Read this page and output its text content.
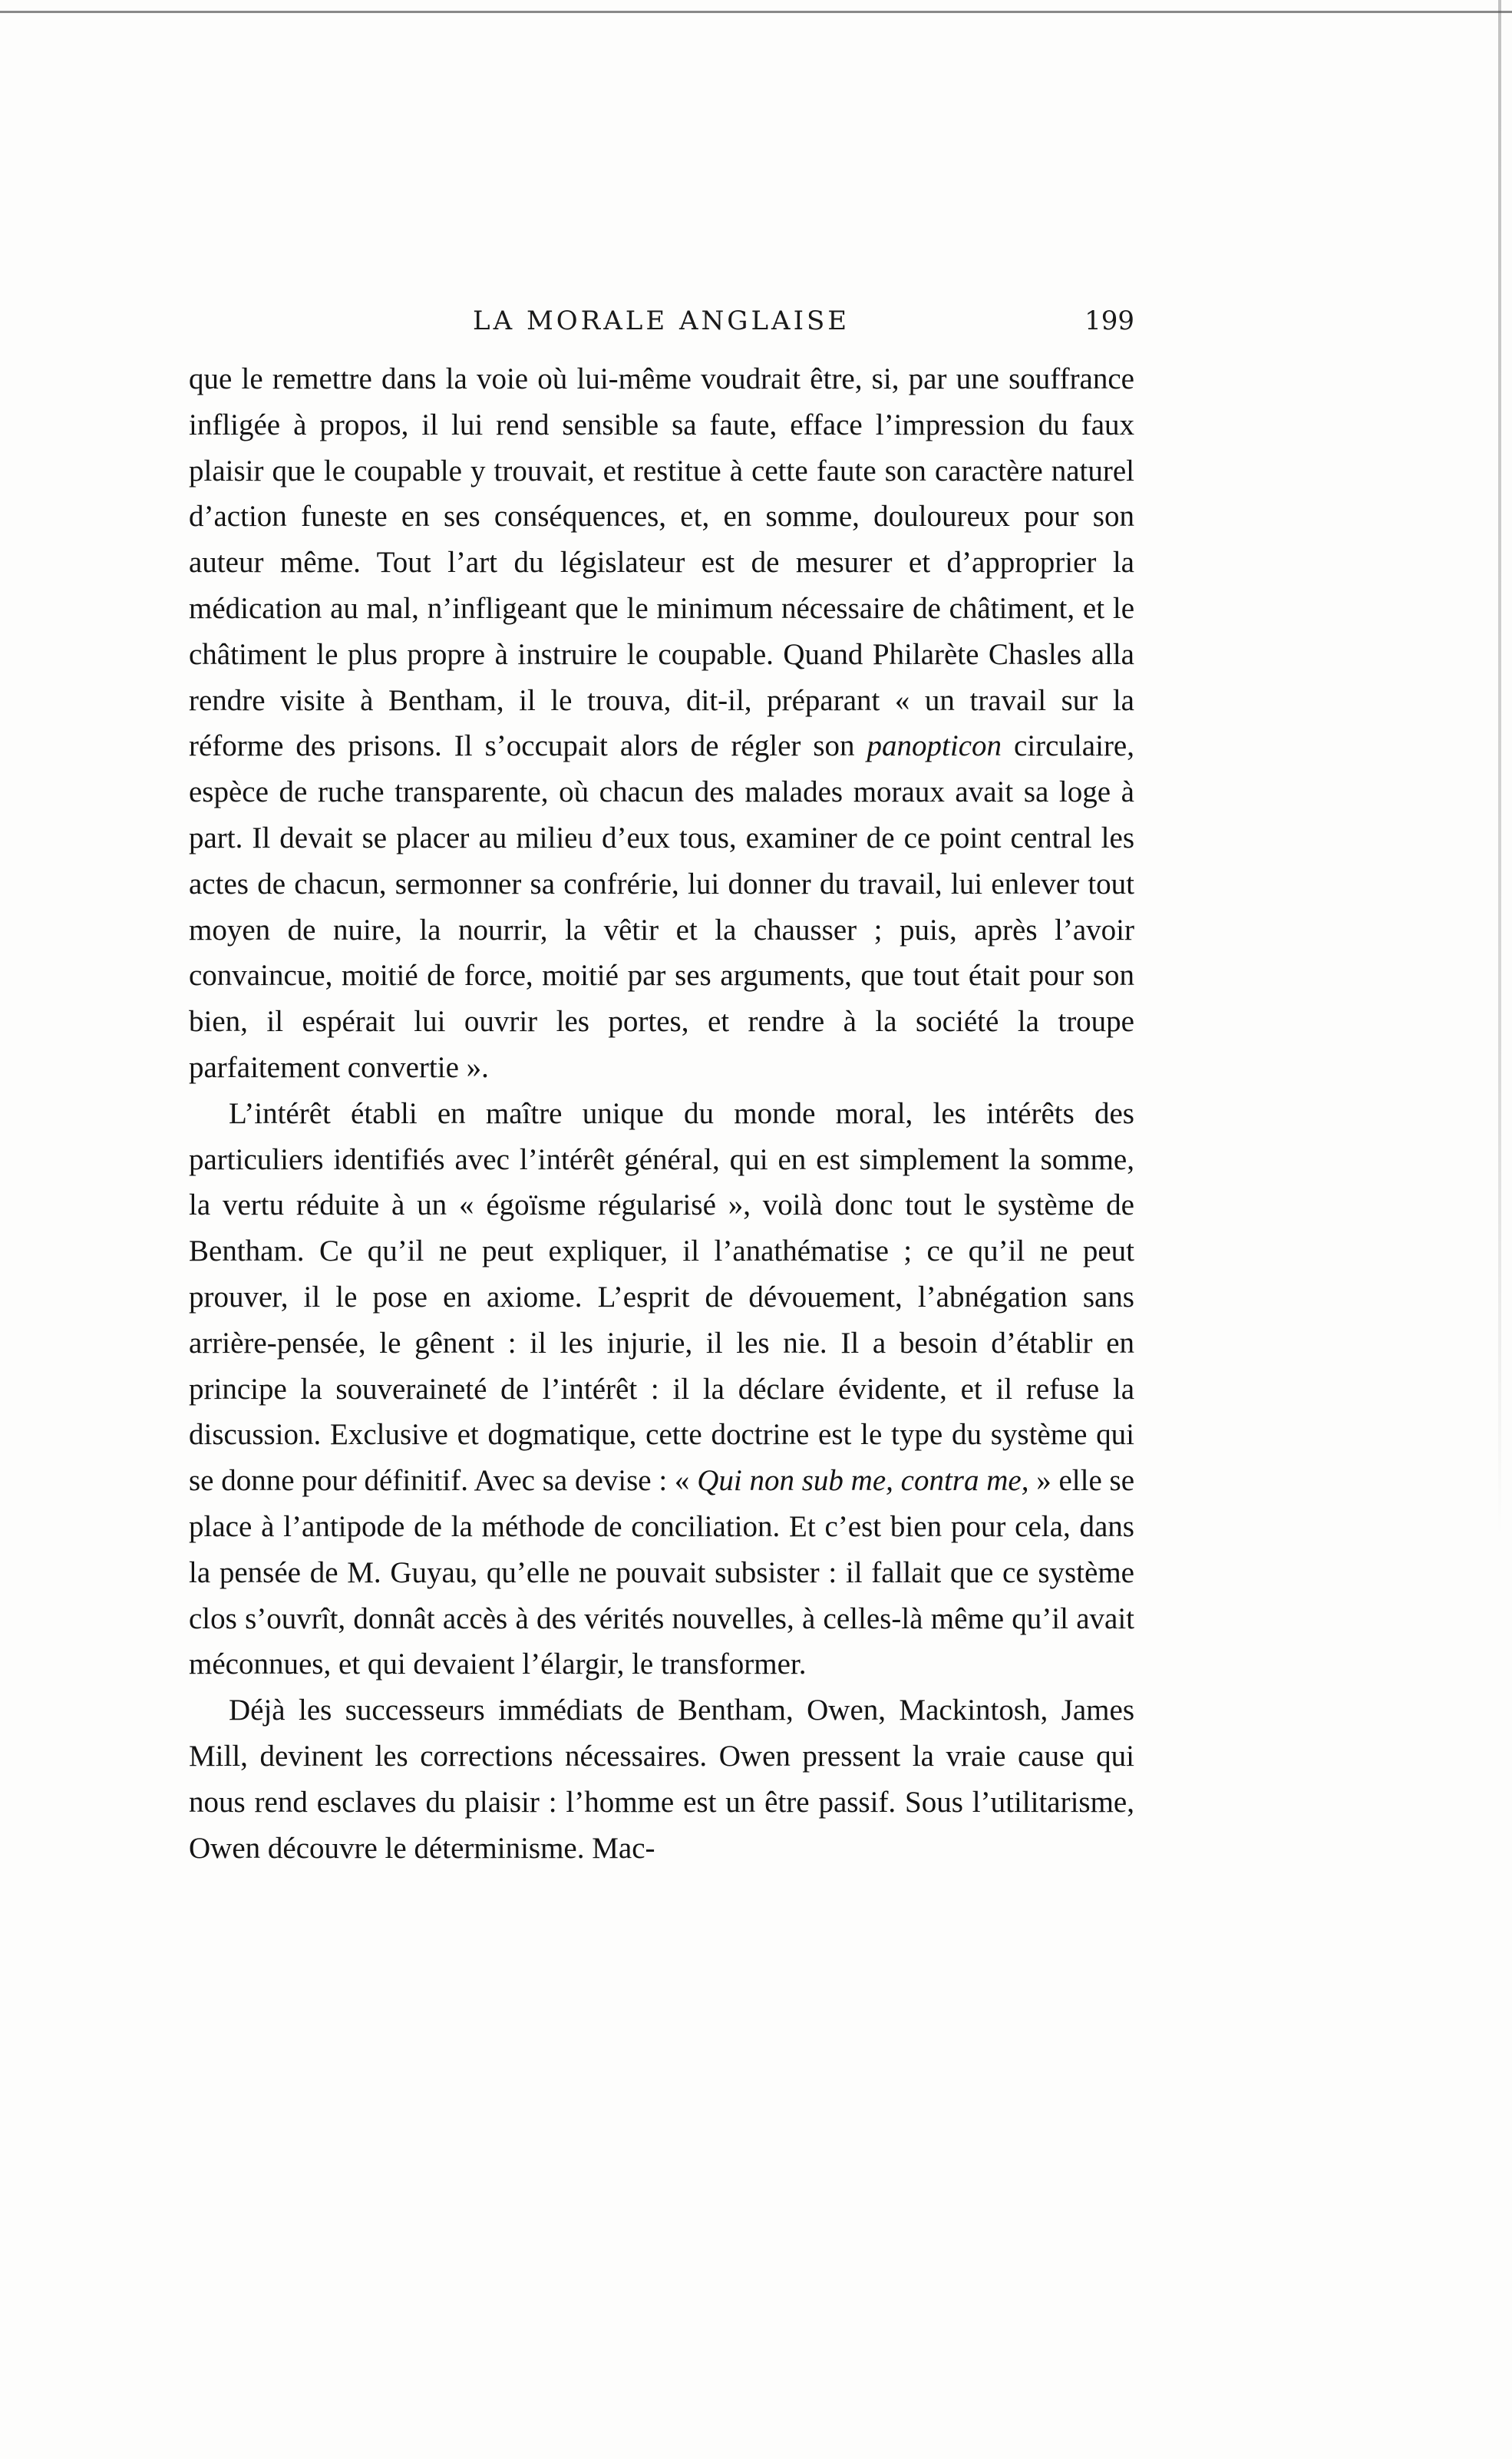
LA MORALE ANGLAISE	199

que le remettre dans la voie où lui-même voudrait être, si, par une souffrance infligée à propos, il lui rend sensible sa faute, efface l’impression du faux plaisir que le coupable y trouvait, et restitue à cette faute son caractère naturel d’action funeste en ses conséquences, et, en somme, douloureux pour son auteur même. Tout l’art du législateur est de mesurer et d’approprier la médication au mal, n’infligeant que le minimum nécessaire de châtiment, et le châtiment le plus propre à instruire le coupable. Quand Philarète Chasles alla rendre visite à Bentham, il le trouva, dit-il, préparant « un travail sur la réforme des prisons. Il s’occupait alors de régler son panopticon circulaire, espèce de ruche transparente, où chacun des malades moraux avait sa loge à part. Il devait se placer au milieu d’eux tous, examiner de ce point central les actes de chacun, sermonner sa confrérie, lui donner du travail, lui enlever tout moyen de nuire, la nourrir, la vêtir et la chausser ; puis, après l’avoir convaincue, moitié de force, moitié par ses arguments, que tout était pour son bien, il espérait lui ouvrir les portes, et rendre à la société la troupe parfaitement convertie ».

L’intérêt établi en maître unique du monde moral, les intérêts des particuliers identifiés avec l’intérêt général, qui en est simplement la somme, la vertu réduite à un « égoïsme régularisé », voilà donc tout le système de Bentham. Ce qu’il ne peut expliquer, il l’anathématise ; ce qu’il ne peut prouver, il le pose en axiome. L’esprit de dévouement, l’abnégation sans arrière-pensée, le gênent : il les injurie, il les nie. Il a besoin d’établir en principe la souveraineté de l’intérêt : il la déclare évidente, et il refuse la discussion. Exclusive et dogmatique, cette doctrine est le type du système qui se donne pour définitif. Avec sa devise : « Qui non sub me, contra me, » elle se place à l’antipode de la méthode de conciliation. Et c’est bien pour cela, dans la pensée de M. Guyau, qu’elle ne pouvait subsister : il fallait que ce système clos s’ouvrît, donnât accès à des vérités nouvelles, à celles-là même qu’il avait méconnues, et qui devaient l’élargir, le transformer.

Déjà les successeurs immédiats de Bentham, Owen, Mackintosh, James Mill, devinent les corrections nécessaires. Owen pressent la vraie cause qui nous rend esclaves du plaisir : l’homme est un être passif. Sous l’utilitarisme, Owen découvre le déterminisme. Mac-
